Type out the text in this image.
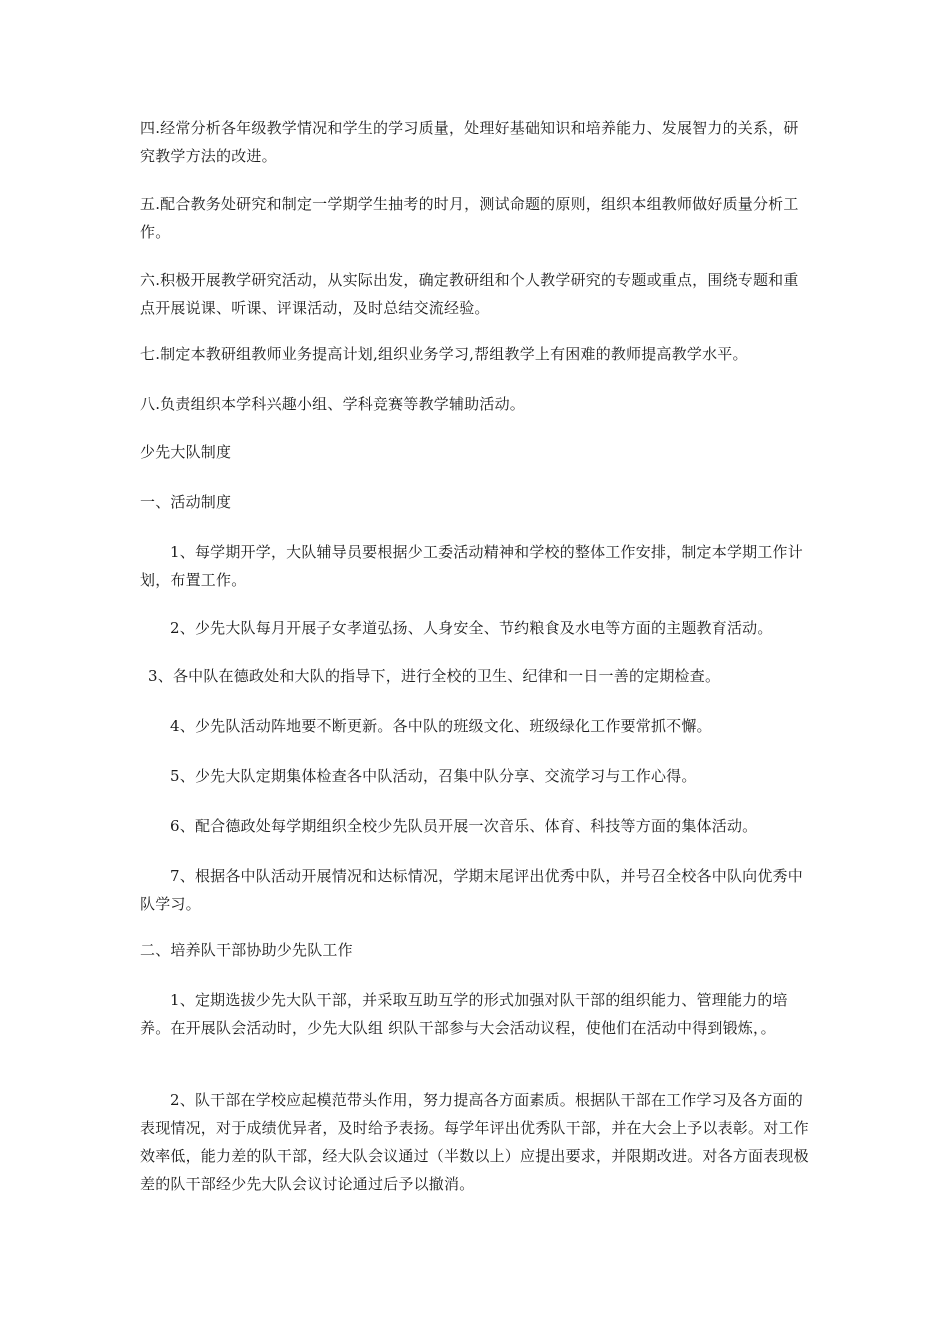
四.经常分析各年级教学情况和学生的学习质量，处理好基础知识和培养能力、发展智力的关系，研究教学方法的改进。

五.配合教务处研究和制定一学期学生抽考的时月，测试命题的原则，组织本组教师做好质量分析工作。

六.积极开展教学研究活动，从实际出发，确定教研组和个人教学研究的专题或重点，围绕专题和重点开展说课、听课、评课活动，及时总结交流经验。

七.制定本教研组教师业务提高计划,组织业务学习,帮组教学上有困难的教师提高教学水平。

八.负责组织本学科兴趣小组、学科竞赛等教学辅助活动。

少先大队制度

一、活动制度

1、每学期开学，大队辅导员要根据少工委活动精神和学校的整体工作安排，制定本学期工作计划，布置工作。

2、少先大队每月开展子女孝道弘扬、人身安全、节约粮食及水电等方面的主题教育活动。

3、各中队在德政处和大队的指导下，进行全校的卫生、纪律和一日一善的定期检查。

4、少先队活动阵地要不断更新。各中队的班级文化、班级绿化工作要常抓不懈。

5、少先大队定期集体检查各中队活动，召集中队分享、交流学习与工作心得。

6、配合德政处每学期组织全校少先队员开展一次音乐、体育、科技等方面的集体活动。

7、根据各中队活动开展情况和达标情况，学期末尾评出优秀中队，并号召全校各中队向优秀中队学习。

二、培养队干部协助少先队工作

1、定期选拔少先大队干部，并采取互助互学的形式加强对队干部的组织能力、管理能力的培养。在开展队会活动时，少先大队组 织队干部参与大会活动议程，使他们在活动中得到锻炼，。

2、队干部在学校应起模范带头作用，努力提高各方面素质。根据队干部在工作学习及各方面的表现情况，对于成绩优异者，及时给予表扬。每学年评出优秀队干部，并在大会上予以表彰。对工作效率低，能力差的队干部，经大队会议通过（半数以上）应提出要求，并限期改进。对各方面表现极差的队干部经少先大队会议讨论通过后予以撤消。
